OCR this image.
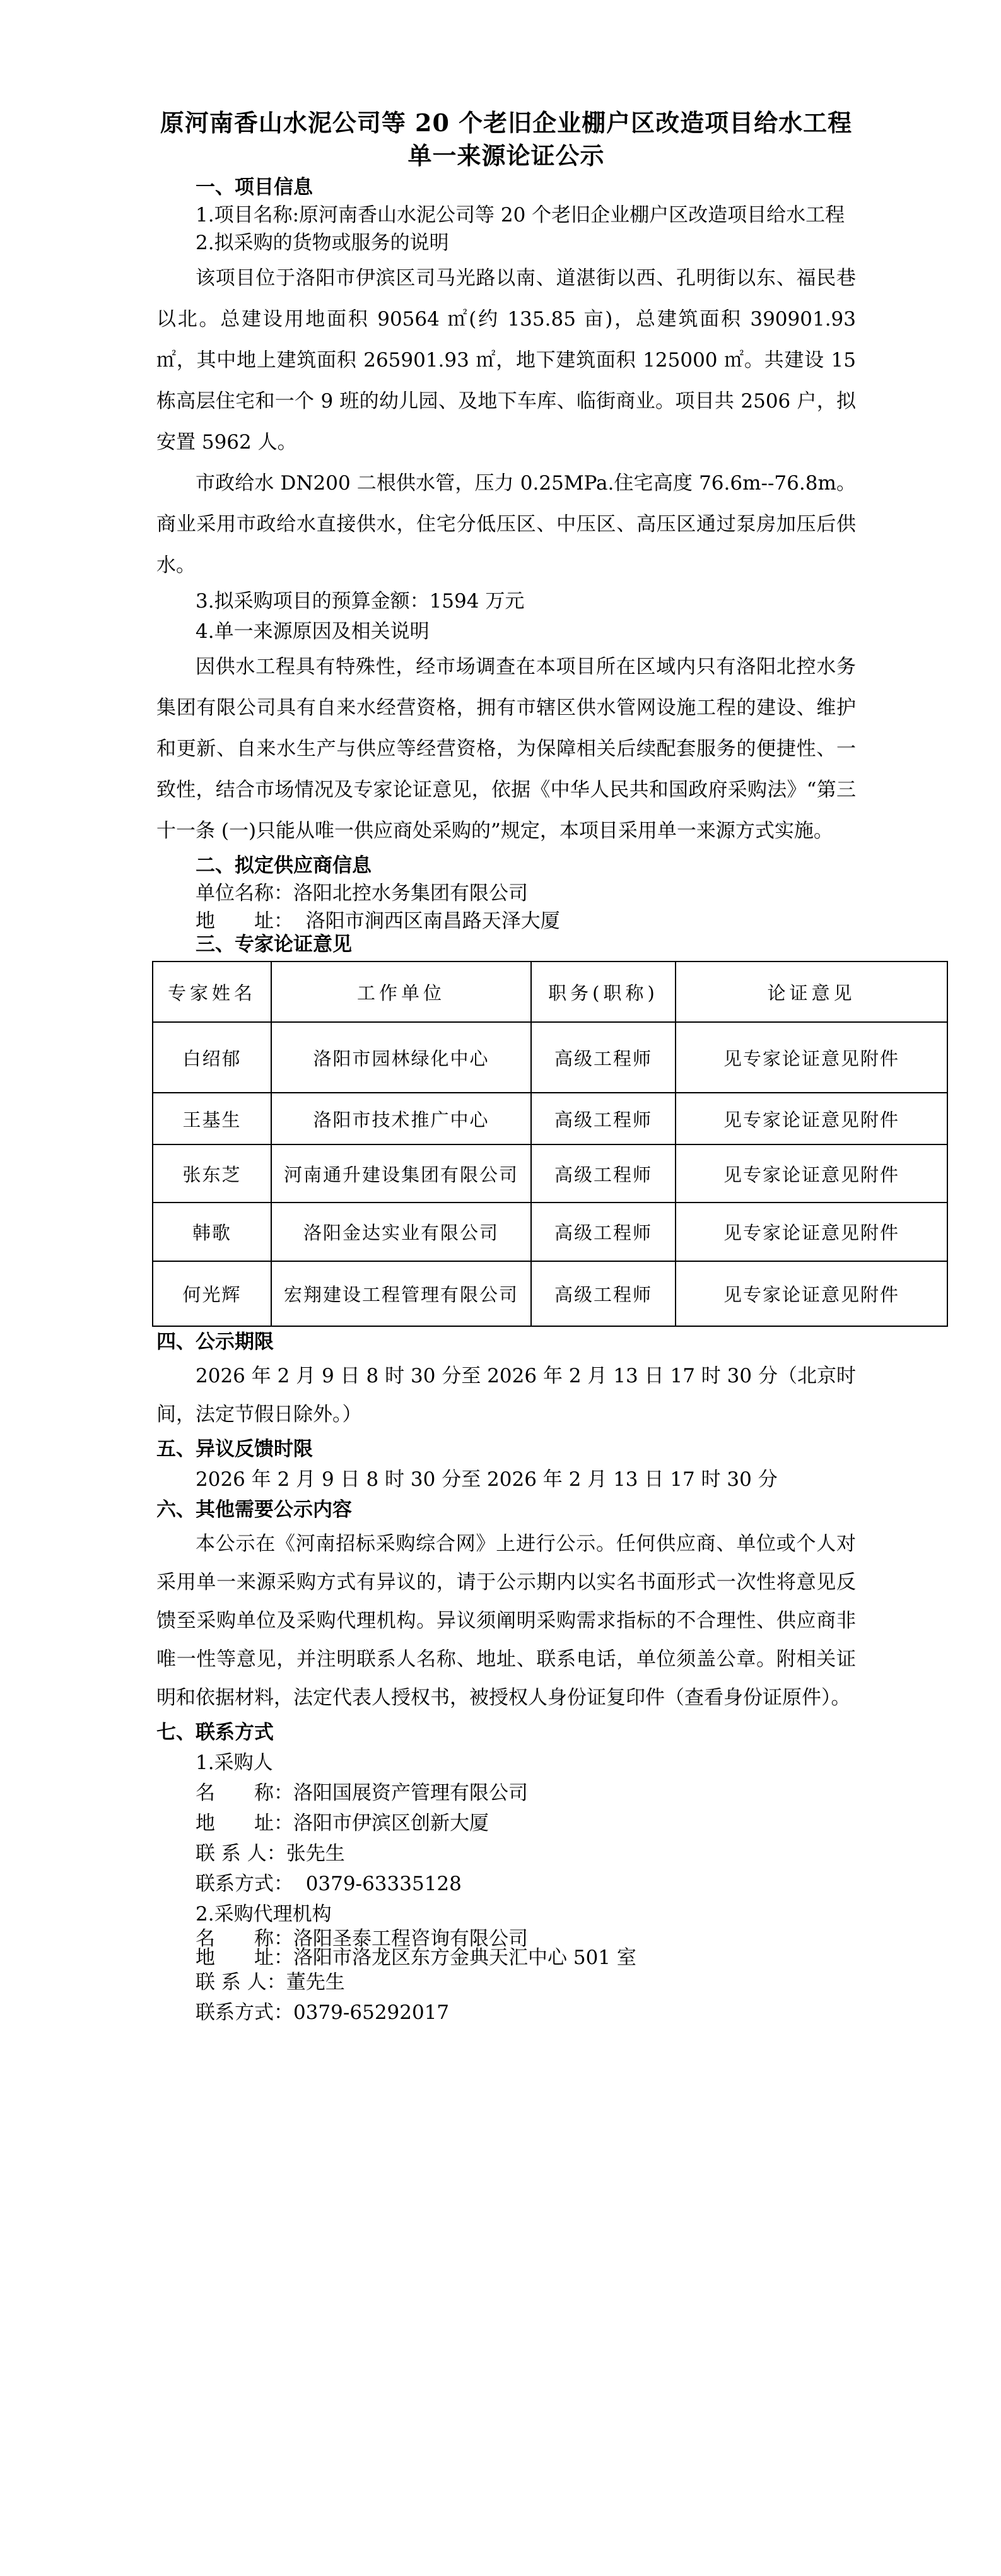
原河南香山水泥公司等 20 个老旧企业棚户区改造项目给水工程

单一来源论证公示

一、项目信息

1.项目名称:原河南香山水泥公司等 20 个老旧企业棚户区改造项目给水工程

2.拟采购的货物或服务的说明

该项目位于洛阳市伊滨区司马光路以南、道湛街以西、孔明街以东、福民巷以北。总建设用地面积 90564 ㎡(约 135.85 亩)，总建筑面积 390901.93 ㎡，其中地上建筑面积 265901.93 ㎡，地下建筑面积 125000 ㎡。共建设 15 栋高层住宅和一个 9 班的幼儿园、及地下车库、临街商业。项目共 2506 户，拟安置 5962 人。

市政给水 DN200 二根供水管，压力 0.25MPa.住宅高度 76.6m--76.8m。商业采用市政给水直接供水，住宅分低压区、中压区、高压区通过泵房加压后供水。

3.拟采购项目的预算金额：1594 万元

4.单一来源原因及相关说明

因供水工程具有特殊性，经市场调查在本项目所在区域内只有洛阳北控水务集团有限公司具有自来水经营资格，拥有市辖区供水管网设施工程的建设、维护和更新、自来水生产与供应等经营资格，为保障相关后续配套服务的便捷性、一致性，结合市场情况及专家论证意见，依据《中华人民共和国政府采购法》“第三十一条 (一)只能从唯一供应商处采购的”规定，本项目采用单一来源方式实施。

二、拟定供应商信息

单位名称：洛阳北控水务集团有限公司

地　　址：  洛阳市涧西区南昌路天泽大厦

三、专家论证意见

专家姓名	工作单位	职务(职称)	论证意见
白绍郁	洛阳市园林绿化中心	高级工程师	见专家论证意见附件
王基生	洛阳市技术推广中心	高级工程师	见专家论证意见附件
张东芝	河南通升建设集团有限公司	高级工程师	见专家论证意见附件
韩歌	洛阳金达实业有限公司	高级工程师	见专家论证意见附件
何光辉	宏翔建设工程管理有限公司	高级工程师	见专家论证意见附件

四、公示期限

2026 年 2 月 9 日 8 时 30 分至 2026 年 2 月 13 日 17 时 30 分（北京时间，法定节假日除外。）

五、异议反馈时限

2026 年 2 月 9 日 8 时 30 分至 2026 年 2 月 13 日 17 时 30 分

六、其他需要公示内容

本公示在《河南招标采购综合网》上进行公示。任何供应商、单位或个人对采用单一来源采购方式有异议的，请于公示期内以实名书面形式一次性将意见反馈至采购单位及采购代理机构。异议须阐明采购需求指标的不合理性、供应商非唯一性等意见，并注明联系人名称、地址、联系电话，单位须盖公章。附相关证明和依据材料，法定代表人授权书，被授权人身份证复印件（查看身份证原件）。

七、联系方式

1.采购人

名　　称：洛阳国展资产管理有限公司

地　　址：洛阳市伊滨区创新大厦

联 系 人：张先生

联系方式：  0379-63335128

2.采购代理机构

名　　称：洛阳圣泰工程咨询有限公司

地　　址：洛阳市洛龙区东方金典天汇中心 501 室

联 系 人：董先生

联系方式：0379-65292017
